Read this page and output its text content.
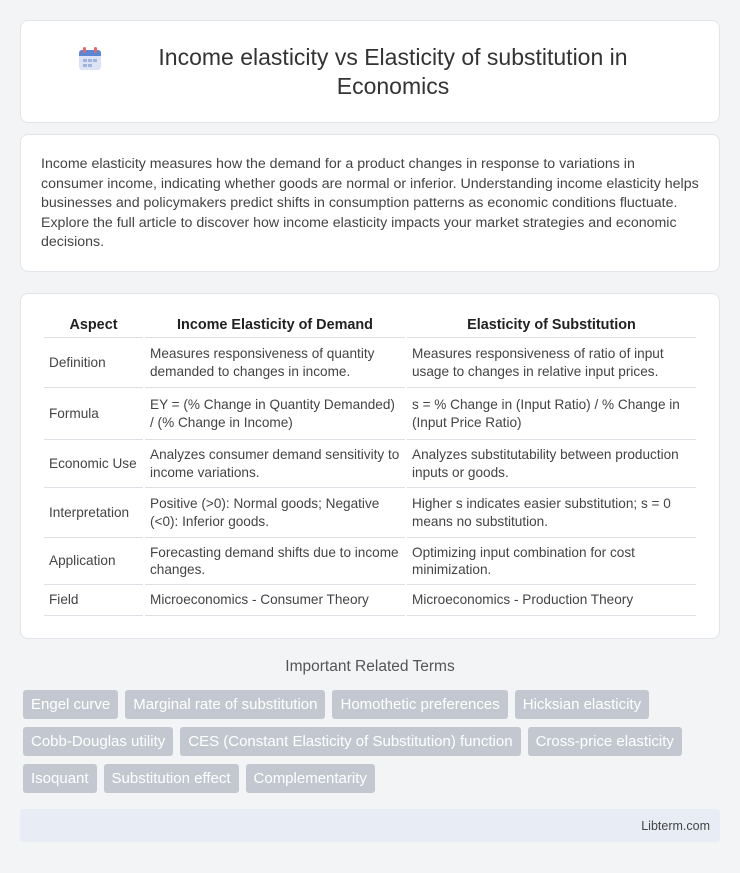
Income elasticity vs Elasticity of substitution in Economics

Income elasticity measures how the demand for a product changes in response to variations in consumer income, indicating whether goods are normal or inferior. Understanding income elasticity helps businesses and policymakers predict shifts in consumption patterns as economic conditions fluctuate. Explore the full article to discover how income elasticity impacts your market strategies and economic decisions.

Aspect	Income Elasticity of Demand	Elasticity of Substitution
Definition	Measures responsiveness of quantity demanded to changes in income.	Measures responsiveness of ratio of input usage to changes in relative input prices.
Formula	EY = (% Change in Quantity Demanded) / (% Change in Income)	s = % Change in (Input Ratio) / % Change in (Input Price Ratio)
Economic Use	Analyzes consumer demand sensitivity to income variations.	Analyzes substitutability between production inputs or goods.
Interpretation	Positive (>0): Normal goods; Negative (<0): Inferior goods.	Higher s indicates easier substitution; s = 0 means no substitution.
Application	Forecasting demand shifts due to income changes.	Optimizing input combination for cost minimization.
Field	Microeconomics - Consumer Theory	Microeconomics - Production Theory
Important Related Terms
Engel curve	Marginal rate of substitution	Homothetic preferences	Hicksian elasticity
Cobb-Douglas utility	CES (Constant Elasticity of Substitution) function	Cross-price elasticity
Isoquant	Substitution effect	Complementarity
Libterm.com
